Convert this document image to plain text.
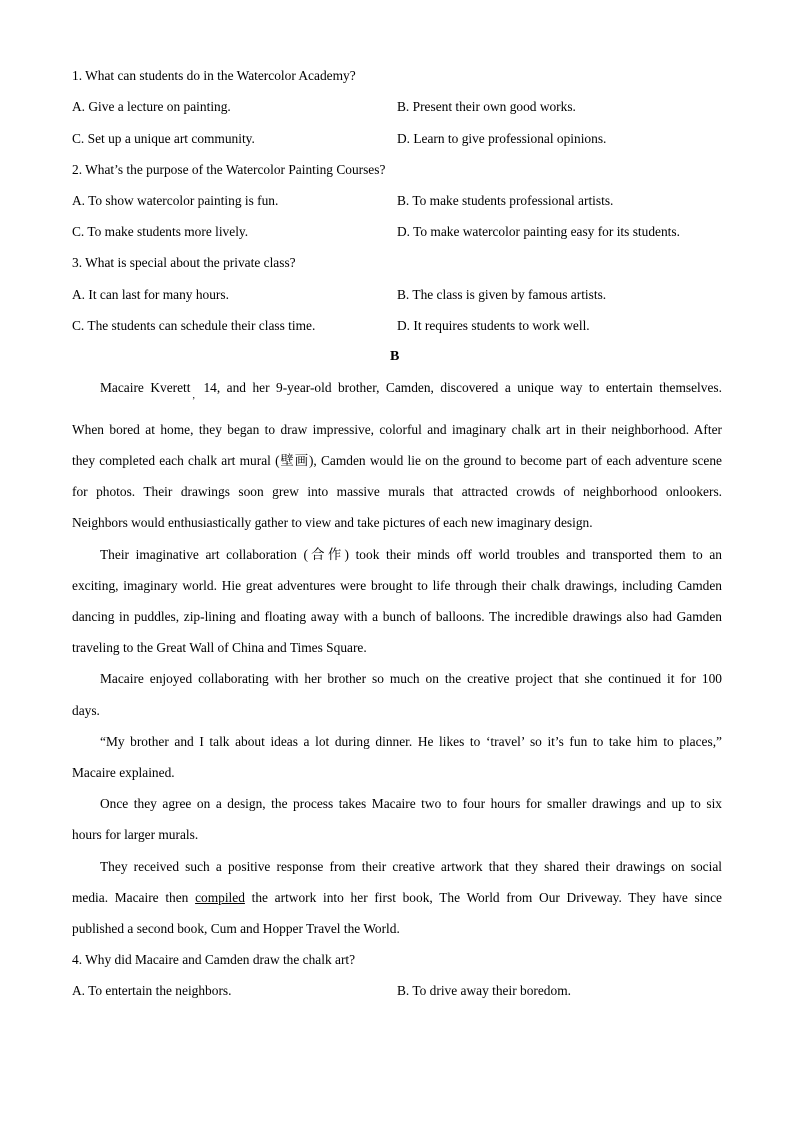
1. What can students do in the Watercolor Academy?
A. Give a lecture on painting.	B. Present their own good works.
C. Set up a unique art community.	D. Learn to give professional opinions.
2. What’s the purpose of the Watercolor Painting Courses?
A. To show watercolor painting is fun.	B. To make students professional artists.
C. To make students more lively.	D. To make watercolor painting easy for its students.
3. What is special about the private class?
A. It can last for many hours.	B. The class is given by famous artists.
C. The students can schedule their class time.	D. It requires students to work well.
B
Macaire Kverett, 14, and her 9-year-old brother, Camden, discovered a unique way to entertain themselves.
When bored at home, they began to draw impressive, colorful and imaginary chalk art in their neighborhood. After
they completed each chalk art mural (壁画), Camden would lie on the ground to become part of each adventure scene
for photos. Their drawings soon grew into massive murals that attracted crowds of neighborhood onlookers.
Neighbors would enthusiastically gather to view and take pictures of each new imaginary design.
Their imaginative art collaboration (合作) took their minds off world troubles and transported them to an
exciting, imaginary world. Hie great adventures were brought to life through their chalk drawings, including Camden
dancing in puddles, zip-lining and floating away with a bunch of balloons. The incredible drawings also had Gamden
traveling to the Great Wall of China and Times Square.
Macaire enjoyed collaborating with her brother so much on the creative project that she continued it for 100
days.
“My brother and I talk about ideas a lot during dinner. He likes to ‘travel’ so it’s fun to take him to places,”
Macaire explained.
Once they agree on a design, the process takes Macaire two to four hours for smaller drawings and up to six
hours for larger murals.
They received such a positive response from their creative artwork that they shared their drawings on social
media. Macaire then compiled the artwork into her first book, The World from Our Driveway. They have since
published a second book, Cum and Hopper Travel the World.
4. Why did Macaire and Camden draw the chalk art?
A. To entertain the neighbors.	B. To drive away their boredom.
